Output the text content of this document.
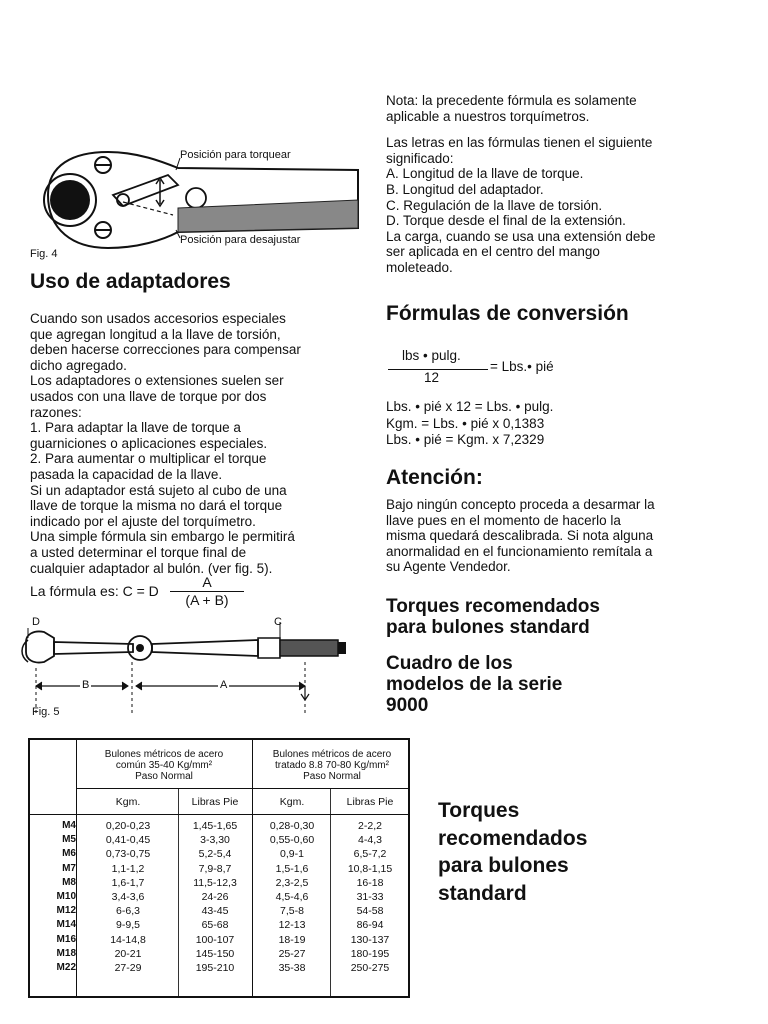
Posición para torquear
Posición para desajustar
Fig. 4
Uso de adaptadores
Cuando son usados accesorios especiales
que agregan longitud a la llave de torsión,
deben hacerse correcciones para compensar
dicho agregado.
Los adaptadores o extensiones suelen ser
usados con una llave de torque por dos
razones:
1. Para adaptar la llave de torque a
guarniciones o aplicaciones especiales.
2. Para aumentar o multiplicar el torque
pasada la capacidad de la llave.
Si un adaptador está sujeto al cubo de una
llave de torque la misma no dará el torque
indicado por el ajuste del torquímetro.
Una simple fórmula sin embargo le permitirá
a usted determinar el torque final de
cualquier adaptador al bulón. (ver fig. 5).
La fórmula es: C = D
A
(A + B)
D	C
B	A
Fig. 5
Nota: la precedente fórmula es solamente
aplicable a nuestros torquímetros.
Las letras en las fórmulas tienen el siguiente
significado:
A. Longitud de la llave de torque.
B. Longitud del adaptador.
C. Regulación de la llave de torsión.
D. Torque desde el final de la extensión.
La carga, cuando se usa una extensión debe
ser aplicada en el centro del mango
moleteado.
Fórmulas de conversión
lbs • pulg.
12
= Lbs.• pié
Lbs. • pié x 12 = Lbs. • pulg.
Kgm. = Lbs. • pié x 0,1383
Lbs. • pié = Kgm. x 7,2329
Atención:
Bajo ningún concepto proceda a desarmar la
llave pues en el momento de hacerlo la
misma quedará descalibrada. Si nota alguna
anormalidad en el funcionamiento remítala a
su Agente Vendedor.
Torques recomendados
para bulones standard
Cuadro de los
modelos de la serie
9000
Torques
recomendados
para bulones
standard
Bulones métricos de acero
común 35-40 Kg/mm²
Paso Normal
Bulones métricos de acero
tratado 8.8 70-80 Kg/mm²
Paso Normal
Kgm.	Libras Pie	Kgm.	Libras Pie
M4	0,20-0,23	1,45-1,65	0,28-0,30	2-2,2
M5	0,41-0,45	3-3,30	0,55-0,60	4-4,3
M6	0,73-0,75	5,2-5,4	0,9-1	6,5-7,2
M7	1,1-1,2	7,9-8,7	1,5-1,6	10,8-1,15
M8	1,6-1,7	11,5-12,3	2,3-2,5	16-18
M10	3,4-3,6	24-26	4,5-4,6	31-33
M12	6-6,3	43-45	7,5-8	54-58
M14	9-9,5	65-68	12-13	86-94
M16	14-14,8	100-107	18-19	130-137
M18	20-21	145-150	25-27	180-195
M22	27-29	195-210	35-38	250-275
